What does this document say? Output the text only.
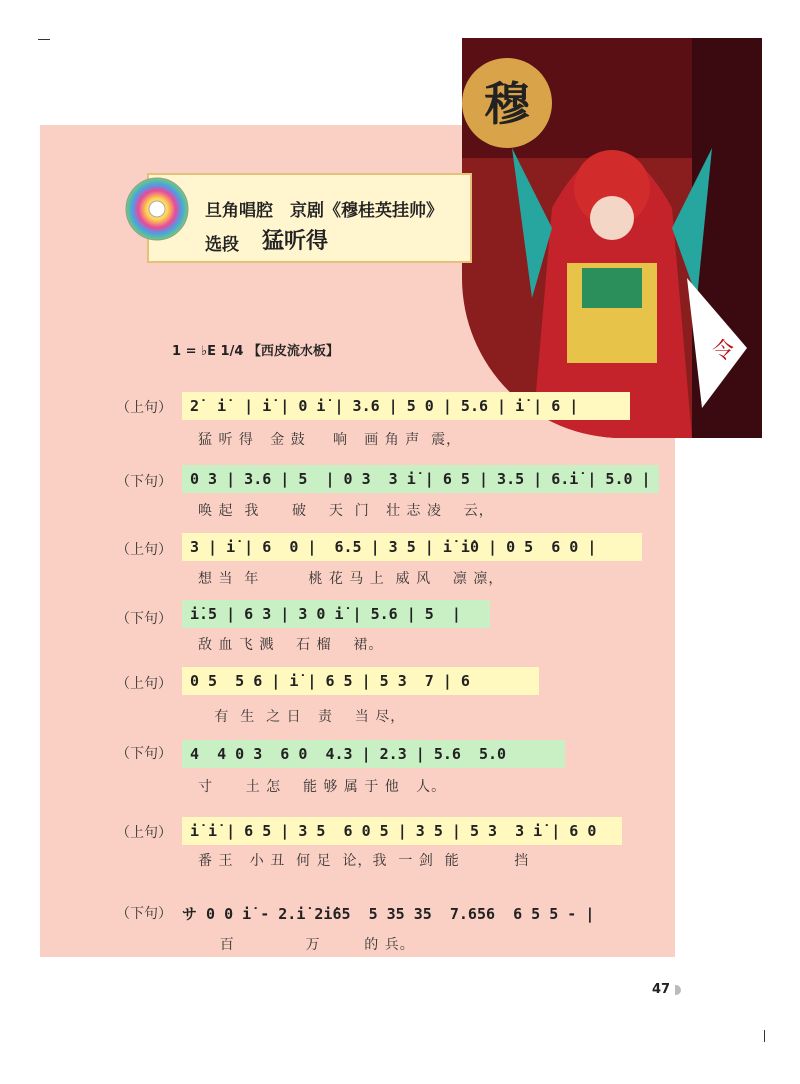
穆
令
旦角唱腔　京剧《穆桂英挂帅》
选段 猛听得
1 = ♭E 1/4 【西皮流水板】
（上句）	2̇  i̇  | i̇ | 0 i̇ | 3.6 | 5 0 | 5.6 | i̇ | 6 |
猛 听 得   金 鼓     响   画 角 声  震，
（下句）	0 3 | 3.6 | 5  | 0 3  3 i̇ | 6 5 | 3.5 | 6.i̇ | 5.0 |
唤 起  我      破    天  门   壮 志 凌    云，
（上句）	3 | i̇ | 6  0 |  6.5 | 3 5 | i̇ i̇0 | 0 5  6 0 |
想 当  年         桃 花 马 上  威 风    凛 凛，
（下句）	i̇.5 | 6 3 | 3 0 i̇ | 5.6 | 5  |
敌 血 飞 溅    石 榴    裙。
（上句）	0 5  5 6 | i̇ | 6 5 | 5 3  7 | 6
有  生  之 日   责    当 尽，
（下句）	4  4 0 3  6 0  4.3 | 2.3 | 5.6  5.0
寸      土 怎    能 够 属 于 他   人。
（上句）	i̇ i̇ | 6 5 | 3 5  6 0 5 | 3 5 | 5 3  3 i̇ | 6 0
番 王   小 丑  何 足  论，我  一 剑  能          挡
（下句） サ 0 0 i̇ - 2.i̇ 2i̇65  5 35 35  7.656  6 5 5 - |
百             万        的 兵。
47
